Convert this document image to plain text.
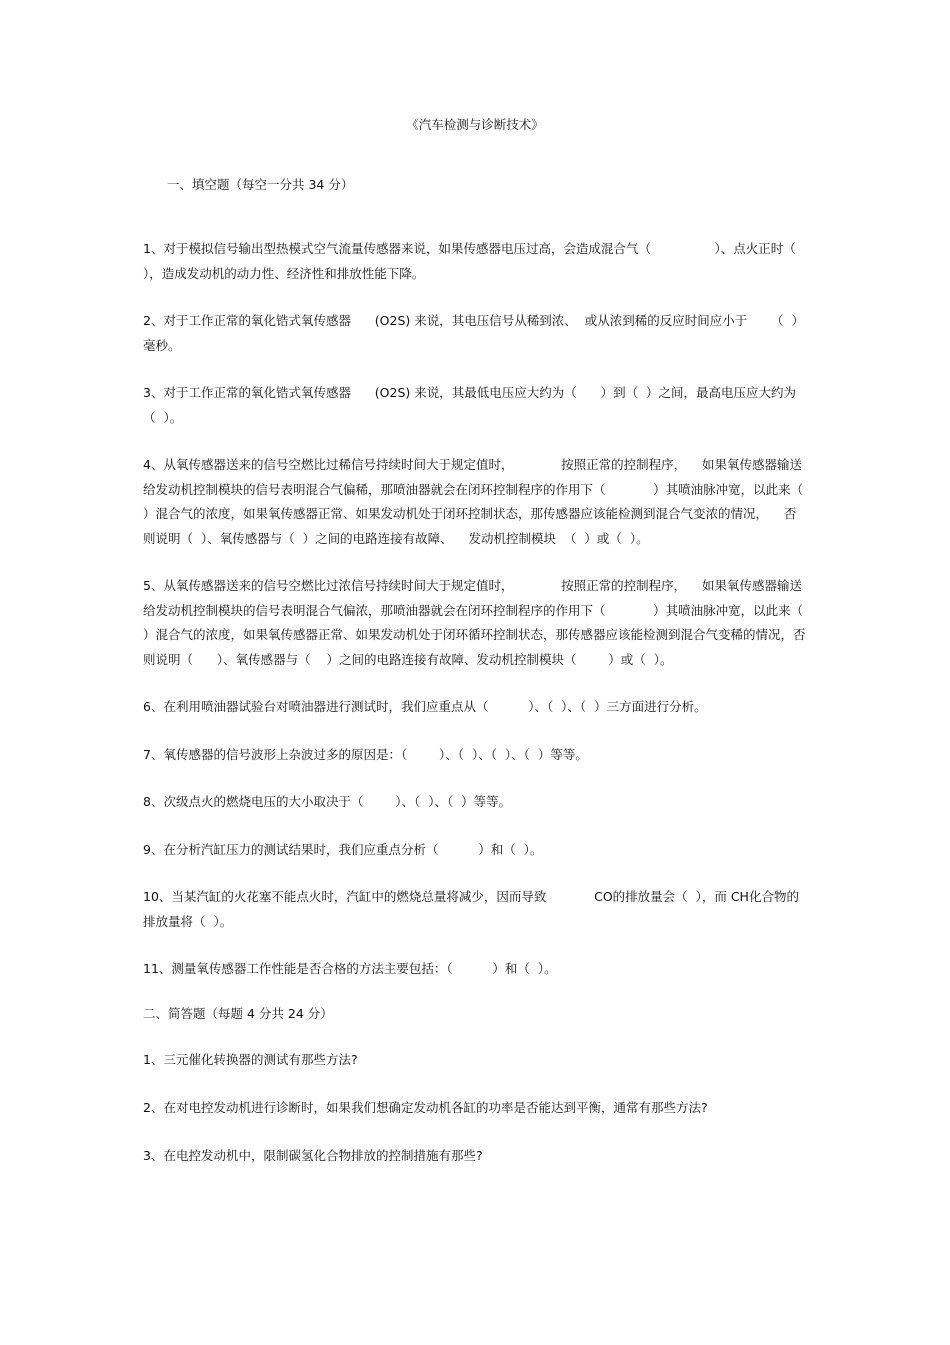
《汽车检测与诊断技术》
一、填空题（每空一分共 34 分）

1、对于模拟信号输出型热模式空气流量传感器来说，如果传感器电压过高，会造成混合气（                ）、点火正时（  ），造成发动机的动力性、经济性和排放性能下降。

2、对于工作正常的氧化锆式氧传感器      (O2S) 来说，其电压信号从稀到浓、  或从浓到稀的反应时间应小于      （  ）毫秒。

3、对于工作正常的氧化锆式氧传感器      (O2S) 来说，其最低电压应大约为（      ）到（  ）之间，最高电压应大约为（  ）。

4、从氧传感器送来的信号空燃比过稀信号持续时间大于规定值时，            按照正常的控制程序，    如果氧传感器输送给发动机控制模块的信号表明混合气偏稀，那喷油器就会在闭环控制程序的作用下（            ）其喷油脉冲宽，以此来（  ）混合气的浓度，如果氧传感器正常、如果发动机处于闭环控制状态，那传感器应该能检测到混合气变浓的情况，    否则说明（  ）、氧传感器与（  ）之间的电路连接有故障、    发动机控制模块  （  ）或（  ）。

5、从氧传感器送来的信号空燃比过浓信号持续时间大于规定值时，            按照正常的控制程序，    如果氧传感器输送给发动机控制模块的信号表明混合气偏浓，那喷油器就会在闭环控制程序的作用下（            ）其喷油脉冲宽，以此来（  ）混合气的浓度，如果氧传感器正常、如果发动机处于闭环循环控制状态，那传感器应该能检测到混合气变稀的情况，否则说明（      ）、氧传感器与（    ）之间的电路连接有故障、发动机控制模块（        ）或（  ）。

6、在利用喷油器试验台对喷油器进行测试时，我们应重点从（          ）、（  ）、（  ）三方面进行分析。

7、氧传感器的信号波形上杂波过多的原因是：（        ）、（  ）、（  ）、（  ）等等。

8、次级点火的燃烧电压的大小取决于（        ）、（  ）、（  ）等等。

9、在分析汽缸压力的测试结果时，我们应重点分析（          ）和（  ）。

10、当某汽缸的火花塞不能点火时，汽缸中的燃烧总量将减少，因而导致            CO的排放量会（  ），而 CH化合物的排放量将（  ）。

11、测量氧传感器工作性能是否合格的方法主要包括：（          ）和（  ）。

二、简答题（每题 4 分共 24 分）

1、三元催化转换器的测试有那些方法?

2、在对电控发动机进行诊断时，如果我们想确定发动机各缸的功率是否能达到平衡，通常有那些方法?

3、在电控发动机中，限制碳氢化合物排放的控制措施有那些?
